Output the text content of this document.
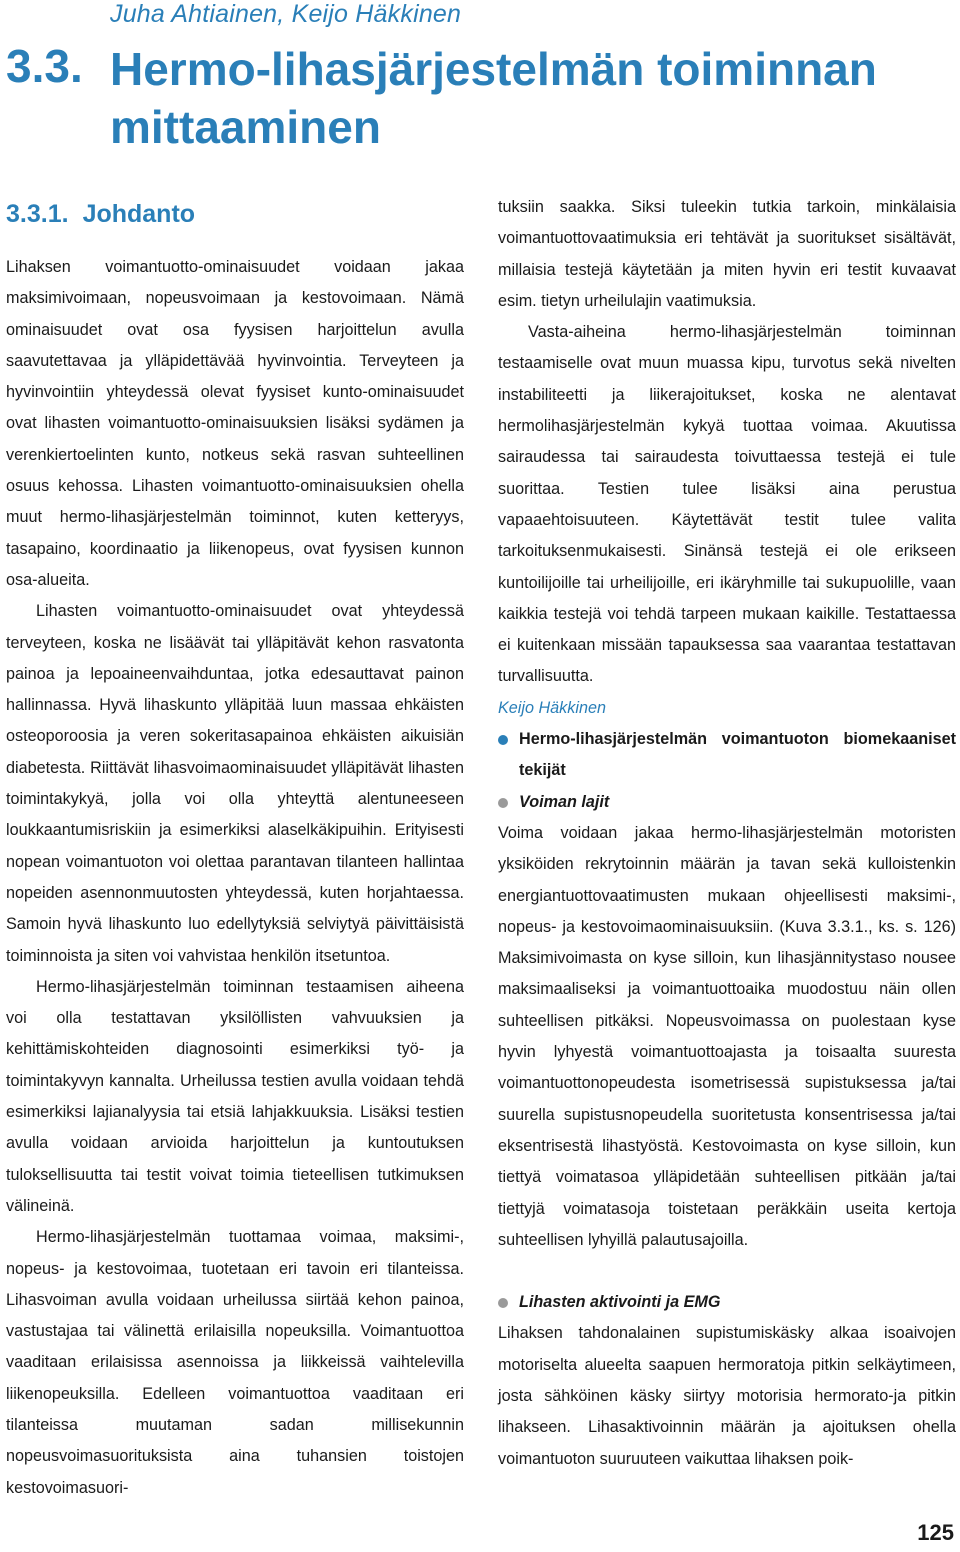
Juha Ahtiainen, Keijo Häkkinen
3.3. Hermo-lihasjärjestelmän toiminnan mittaaminen
3.3.1. Johdanto

Lihaksen voimantuotto-ominaisuudet voidaan jakaa maksimivoimaan, nopeusvoimaan ja kestovoimaan. Nämä ominaisuudet ovat osa fyysisen harjoittelun avulla saavutettavaa ja ylläpidettävää hyvinvointia. Terveyteen ja hyvinvointiin yhteydessä olevat fyysiset kunto-ominaisuudet ovat lihasten voimantuotto-ominaisuuksien lisäksi sydämen ja verenkiertoelinten kunto, notkeus sekä rasvan suhteellinen osuus kehossa. Lihasten voimantuotto-ominaisuuksien ohella muut hermo-lihasjärjestelmän toiminnot, kuten ketteryys, tasapaino, koordinaatio ja liikenopeus, ovat fyysisen kunnon osa-alueita.

Lihasten voimantuotto-ominaisuudet ovat yhteydessä terveyteen, koska ne lisäävät tai ylläpitävät kehon rasvatonta painoa ja lepoaineenvaihduntaa, jotka edesauttavat painon hallinnassa. Hyvä lihaskunto ylläpitää luun massaa ehkäisten osteoporoosia ja veren sokeritasapainoa ehkäisten aikuisiän diabetesta. Riittävät lihasvoimaominaisuudet ylläpitävät lihasten toimintakykyä, jolla voi olla yhteyttä alentuneeseen loukkaantumisriskiin ja esimerkiksi alaselkäkipuihin. Erityisesti nopean voimantuoton voi olettaa parantavan tilanteen hallintaa nopeiden asennonmuutosten yhteydessä, kuten horjahtaessa. Samoin hyvä lihaskunto luo edellytyksiä selviytyä päivittäisistä toiminnoista ja siten voi vahvistaa henkilön itsetuntoa.

Hermo-lihasjärjestelmän toiminnan testaamisen aiheena voi olla testattavan yksilöllisten vahvuuksien ja kehittämiskohteiden diagnosointi esimerkiksi työ- ja toimintakyvyn kannalta. Urheilussa testien avulla voidaan tehdä esimerkiksi lajianalyysia tai etsiä lahjakkuuksia. Lisäksi testien avulla voidaan arvioida harjoittelun ja kuntoutuksen tuloksellisuutta tai testit voivat toimia tieteellisen tutkimuksen välineinä.

Hermo-lihasjärjestelmän tuottamaa voimaa, maksimi-, nopeus- ja kestovoimaa, tuotetaan eri tavoin eri tilanteissa. Lihasvoiman avulla voidaan urheilussa siirtää kehon painoa, vastustajaa tai välinettä erilaisilla nopeuksilla. Voimantuottoa vaaditaan erilaisissa asennoissa ja liikkeissä vaihtelevilla liikenopeuksilla. Edelleen voimantuottoa vaaditaan eri tilanteissa muutaman sadan millisekunnin nopeusvoimasuorituksista aina tuhansien toistojen kestovoimasuori-

tuksiin saakka. Siksi tuleekin tutkia tarkoin, minkälaisia voimantuottovaatimuksia eri tehtävät ja suoritukset sisältävät, millaisia testejä käytetään ja miten hyvin eri testit kuvaavat esim. tietyn urheilulajin vaatimuksia.

Vasta-aiheina hermo-lihasjärjestelmän toiminnan testaamiselle ovat muun muassa kipu, turvotus sekä nivelten instabiliteetti ja liikerajoitukset, koska ne alentavat hermolihasjärjestelmän kykyä tuottaa voimaa. Akuutissa sairaudessa tai sairaudesta toivuttaessa testejä ei tule suorittaa. Testien tulee lisäksi aina perustua vapaaehtoisuuteen. Käytettävät testit tulee valita tarkoituksenmukaisesti. Sinänsä testejä ei ole erikseen kuntoilijoille tai urheilijoille, eri ikäryhmille tai sukupuolille, vaan kaikkia testejä voi tehdä tarpeen mukaan kaikille. Testattaessa ei kuitenkaan missään tapauksessa saa vaarantaa testattavan turvallisuutta.

Keijo Häkkinen

Hermo-lihasjärjestelmän voimantuoton biomekaaniset tekijät
Voiman lajit

Voima voidaan jakaa hermo-lihasjärjestelmän motoristen yksiköiden rekrytoinnin määrän ja tavan sekä kulloistenkin energiantuottovaatimusten mukaan ohjeellisesti maksimi-, nopeus- ja kestovoimaominaisuuksiin. (Kuva 3.3.1., ks. s. 126) Maksimivoimasta on kyse silloin, kun lihasjännitystaso nousee maksimaaliseksi ja voimantuottoaika muodostuu näin ollen suhteellisen pitkäksi. Nopeusvoimassa on puolestaan kyse hyvin lyhyestä voimantuottoajasta ja toisaalta suuresta voimantuottonopeudesta isometrisessä supistuksessa ja/tai suurella supistusnopeudella suoritetusta konsentrisessa ja/tai eksentrisestä lihastyöstä. Kestovoimasta on kyse silloin, kun tiettyä voimatasoa ylläpidetään suhteellisen pitkään ja/tai tiettyjä voimatasoja toistetaan peräkkäin useita kertoja suhteellisen lyhyillä palautusajoilla.

Lihasten aktivointi ja EMG

Lihaksen tahdonalainen supistumiskäsky alkaa isoaivojen motoriselta alueelta saapuen hermoratoja pitkin selkäytimeen, josta sähköinen käsky siirtyy motorisia hermorato-ja pitkin lihakseen. Lihasaktivoinnin määrän ja ajoituksen ohella voimantuoton suuruuteen vaikuttaa lihaksen poik-

125
